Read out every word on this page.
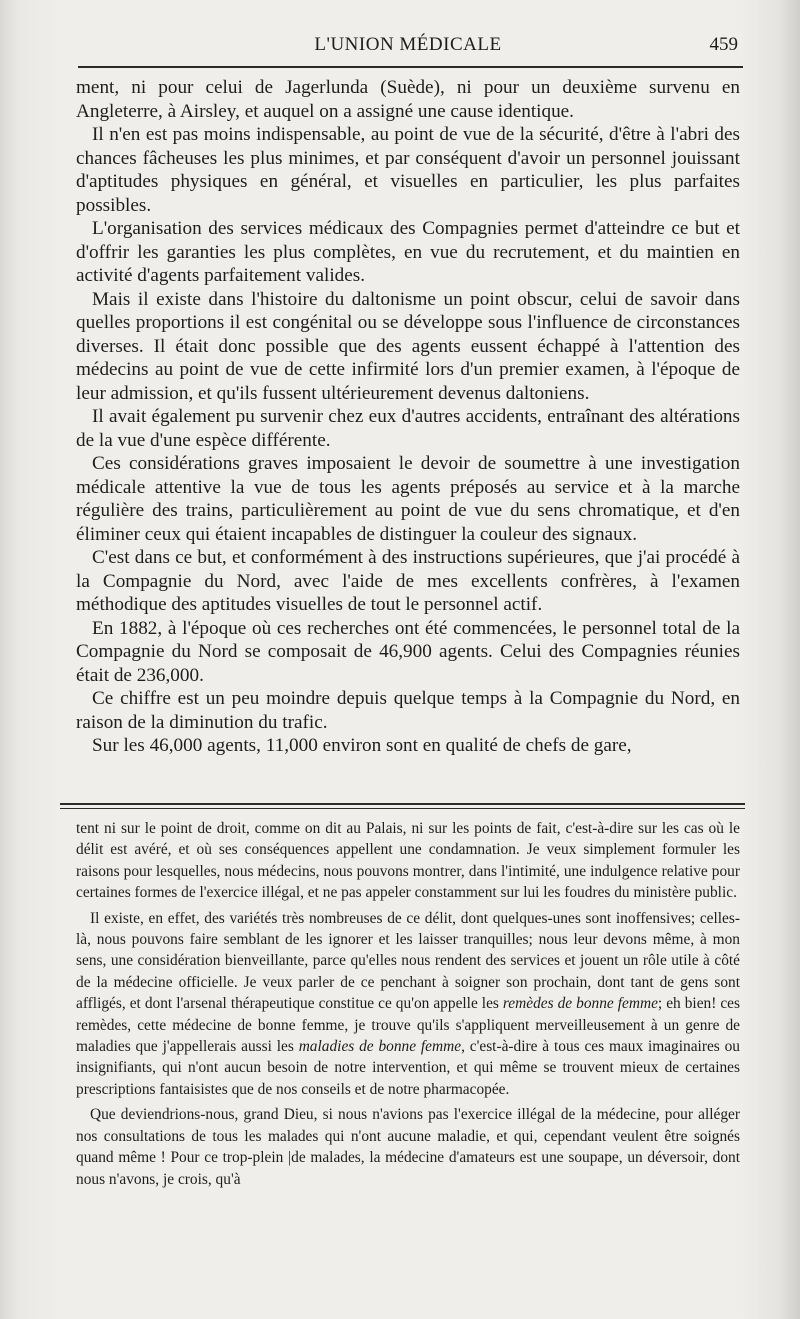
L'UNION MÉDICALE	459

ment, ni pour celui de Jagerlunda (Suède), ni pour un deuxième survenu en Angleterre, à Airsley, et auquel on a assigné une cause identique.

Il n'en est pas moins indispensable, au point de vue de la sécurité, d'être à l'abri des chances fâcheuses les plus minimes, et par conséquent d'avoir un personnel jouissant d'aptitudes physiques en général, et visuelles en particulier, les plus parfaites possibles.

L'organisation des services médicaux des Compagnies permet d'atteindre ce but et d'offrir les garanties les plus complètes, en vue du recrutement, et du maintien en activité d'agents parfaitement valides.

Mais il existe dans l'histoire du daltonisme un point obscur, celui de savoir dans quelles proportions il est congénital ou se développe sous l'influence de circonstances diverses. Il était donc possible que des agents eussent échappé à l'attention des médecins au point de vue de cette infirmité lors d'un premier examen, à l'époque de leur admission, et qu'ils fussent ultérieurement devenus daltoniens.

Il avait également pu survenir chez eux d'autres accidents, entraînant des altérations de la vue d'une espèce différente.

Ces considérations graves imposaient le devoir de soumettre à une investigation médicale attentive la vue de tous les agents préposés au service et à la marche régulière des trains, particulièrement au point de vue du sens chromatique, et d'en éliminer ceux qui étaient incapables de distinguer la couleur des signaux.

C'est dans ce but, et conformément à des instructions supérieures, que j'ai procédé à la Compagnie du Nord, avec l'aide de mes excellents confrères, à l'examen méthodique des aptitudes visuelles de tout le personnel actif.

En 1882, à l'époque où ces recherches ont été commencées, le personnel total de la Compagnie du Nord se composait de 46,900 agents. Celui des Compagnies réunies était de 236,000.

Ce chiffre est un peu moindre depuis quelque temps à la Compagnie du Nord, en raison de la diminution du trafic.

Sur les 46,000 agents, 11,000 environ sont en qualité de chefs de gare,

tent ni sur le point de droit, comme on dit au Palais, ni sur les points de fait, c'est-à-dire sur les cas où le délit est avéré, et où ses conséquences appellent une condamnation. Je veux simplement formuler les raisons pour lesquelles, nous médecins, nous pouvons montrer, dans l'intimité, une indulgence relative pour certaines formes de l'exercice illégal, et ne pas appeler constamment sur lui les foudres du ministère public.

Il existe, en effet, des variétés très nombreuses de ce délit, dont quelques-unes sont inoffensives; celles-là, nous pouvons faire semblant de les ignorer et les laisser tranquilles; nous leur devons même, à mon sens, une considération bienveillante, parce qu'elles nous rendent des services et jouent un rôle utile à côté de la médecine officielle. Je veux parler de ce penchant à soigner son prochain, dont tant de gens sont affligés, et dont l'arsenal thérapeutique constitue ce qu'on appelle les remèdes de bonne femme; eh bien! ces remèdes, cette médecine de bonne femme, je trouve qu'ils s'appliquent merveilleusement à un genre de maladies que j'appellerais aussi les maladies de bonne femme, c'est-à-dire à tous ces maux imaginaires ou insignifiants, qui n'ont aucun besoin de notre intervention, et qui même se trouvent mieux de certaines prescriptions fantaisistes que de nos conseils et de notre pharmacopée.

Que deviendrions-nous, grand Dieu, si nous n'avions pas l'exercice illégal de la médecine, pour alléger nos consultations de tous les malades qui n'ont aucune maladie, et qui, cependant veulent être soignés quand même ! Pour ce trop-plein |de malades, la médecine d'amateurs est une soupape, un déversoir, dont nous n'avons, je crois, qu'à
